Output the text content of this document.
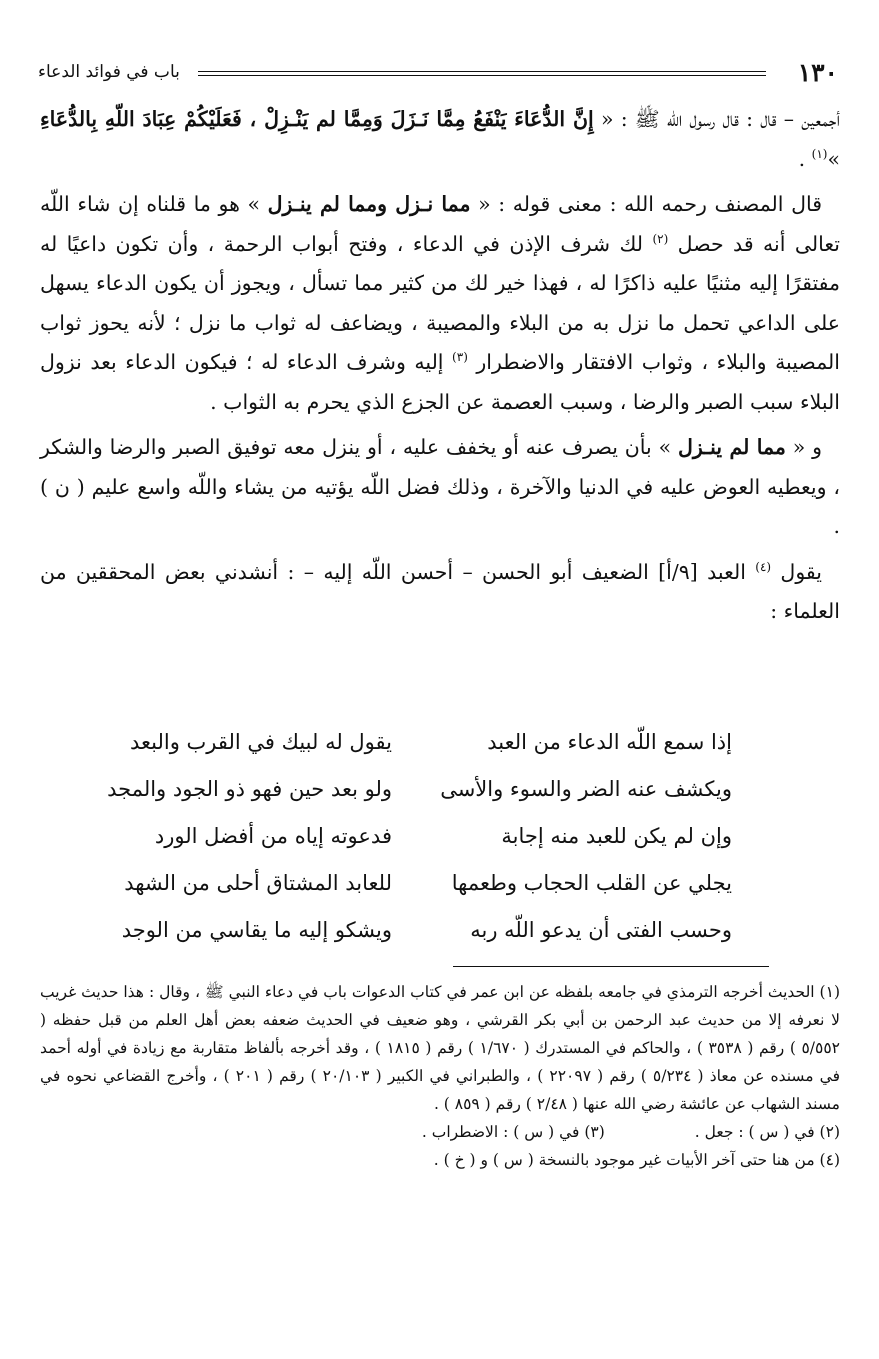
١٣٠
باب في فوائد الدعاء

أجمعين – قال : قال رسول اللّه ﷺ : « إِنَّ الدُّعَاءَ يَنْفَعُ مِمَّا نَـزَلَ وَمِمَّا لم يَنْـزِلْ ، فَعَلَيْكُمْ عِبَادَ اللّهِ بِالدُّعَاءِ »$^{(١)}$ .

قال المصنف رحمه الله : معنى قوله : « مما نـزل ومما لم ينـزل » هو ما قلناه إن شاء اللّه تعالى أنه قد حصل $^{(٢)}$ لك شرف الإذن في الدعاء ، وفتح أبواب الرحمة ، وأن تكون داعيًا له مفتقرًا إليه مثنيًا عليه ذاكرًا له ، فهذا خير لك من كثير مما تسأل ، ويجوز أن يكون الدعاء يسهل على الداعي تحمل ما نزل به من البلاء والمصيبة ، ويضاعف له ثواب ما نزل ؛ لأنه يحوز ثواب المصيبة والبلاء ، وثواب الافتقار والاضطرار $^{(٣)}$ إليه وشرف الدعاء له ؛ فيكون الدعاء بعد نزول البلاء سبب الصبر والرضا ، وسبب العصمة عن الجزع الذي يحرم به الثواب .

و « مما لم ينـزل » بأن يصرف عنه أو يخفف عليه ، أو ينزل معه توفيق الصبر والرضا والشكر ، ويعطيه العوض عليه في الدنيا والآخرة ، وذلك فضل اللّه يؤتيه من يشاء واللّه واسع عليم ( ن ) .

يقول $^{(٤)}$ العبد [٩/أ] الضعيف أبو الحسن – أحسن اللّه إليه – : أنشدني بعض المحققين من العلماء :

إذا سمع اللّه الدعاء من العبد
يقول له لبيك في القرب والبعد
ويكشف عنه الضر والسوء والأسى
ولو بعد حين فهو ذو الجود والمجد
وإن لم يكن للعبد منه إجابة
فدعوته إياه من أفضل الورد
يجلي عن القلب الحجاب وطعمها
للعابد المشتاق أحلى من الشهد
وحسب الفتى أن يدعو اللّه ربه
ويشكو إليه ما يقاسي من الوجد

(١) الحديث أخرجه الترمذي في جامعه بلفظه عن ابن عمر في كتاب الدعوات باب في دعاء النبي ﷺ ، وقال : هذا حديث غريب لا نعرفه إلا من حديث عبد الرحمن بن أبي بكر القرشي ، وهو ضعيف في الحديث ضعفه بعض أهل العلم من قبل حفظه ( ٥/٥٥٢ ) رقم ( ٣٥٣٨ ) ، والحاكم في المستدرك ( ١/٦٧٠ ) رقم ( ١٨١٥ ) ، وقد أخرجه بألفاظ متقاربة مع زيادة في أوله أحمد في مسنده عن معاذ ( ٥/٢٣٤ ) رقم ( ٢٢٠٩٧ ) ، والطبراني في الكبير ( ٢٠/١٠٣ ) رقم ( ٢٠١ ) ، وأخرج القضاعي نحوه في مسند الشهاب عن عائشة رضي الله عنها ( ٢/٤٨ ) رقم ( ٨٥٩ ) .

(٢) في ( س ) : جعل .
(٣) في ( س ) : الاضطراب .

(٤) من هنا حتى آخر الأبيات غير موجود بالنسخة ( س ) و ( خ ) .
